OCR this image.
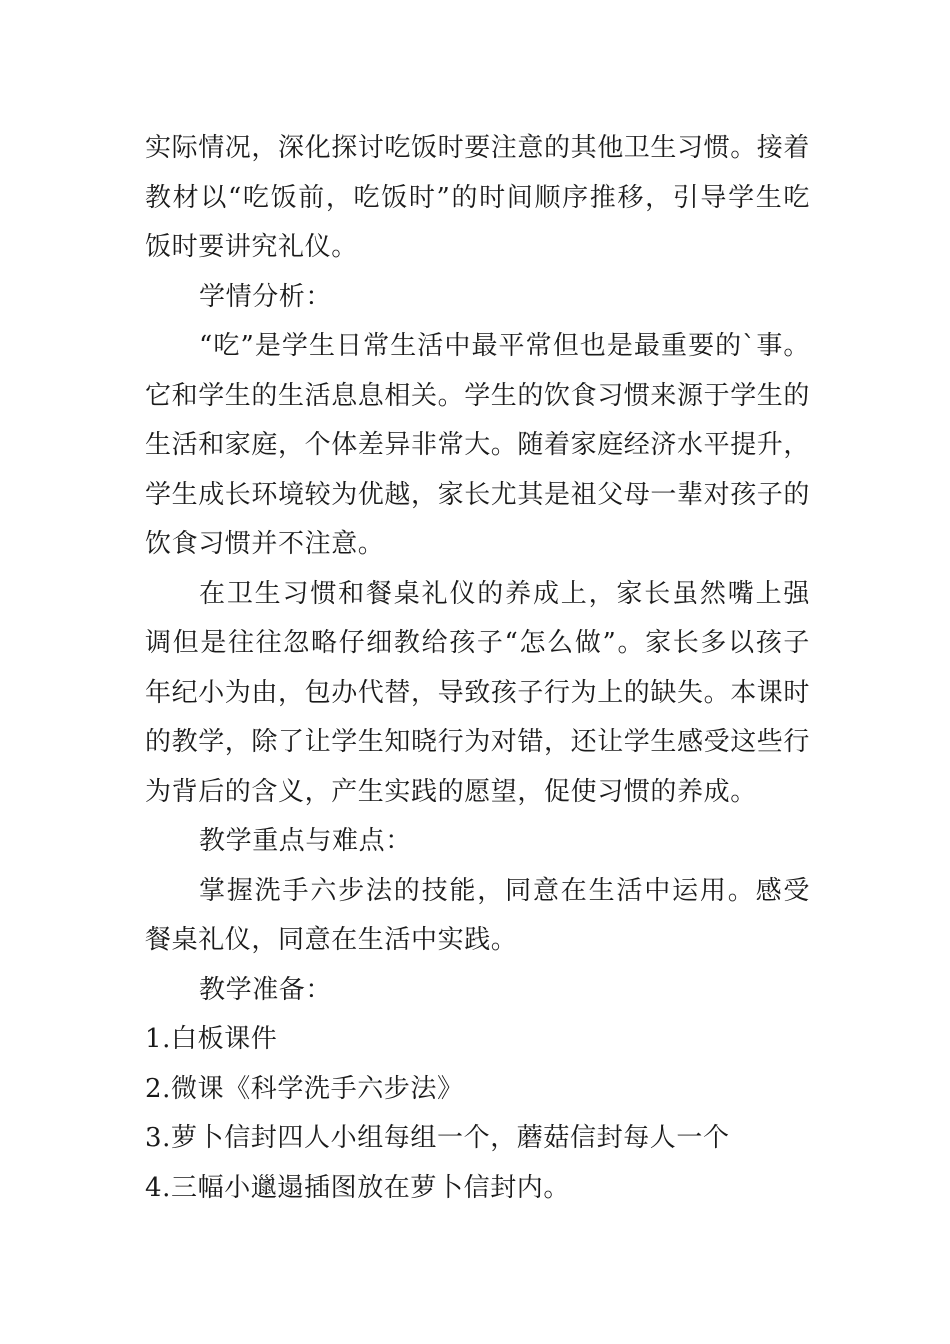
实际情况，深化探讨吃饭时要注意的其他卫生习惯。接着教材以“吃饭前，吃饭时”的时间顺序推移，引导学生吃饭时要讲究礼仪。

学情分析：

“吃”是学生日常生活中最平常但也是最重要的`事。它和学生的生活息息相关。学生的饮食习惯来源于学生的生活和家庭，个体差异非常大。随着家庭经济水平提升，学生成长环境较为优越，家长尤其是祖父母一辈对孩子的饮食习惯并不注意。

在卫生习惯和餐桌礼仪的养成上，家长虽然嘴上强调但是往往忽略仔细教给孩子“怎么做”。家长多以孩子年纪小为由，包办代替，导致孩子行为上的缺失。本课时的教学，除了让学生知晓行为对错，还让学生感受这些行为背后的含义，产生实践的愿望，促使习惯的养成。

教学重点与难点：

掌握洗手六步法的技能，同意在生活中运用。感受餐桌礼仪，同意在生活中实践。

教学准备：

1.白板课件

2.微课《科学洗手六步法》

3.萝卜信封四人小组每组一个，蘑菇信封每人一个

4.三幅小邋遢插图放在萝卜信封内。
